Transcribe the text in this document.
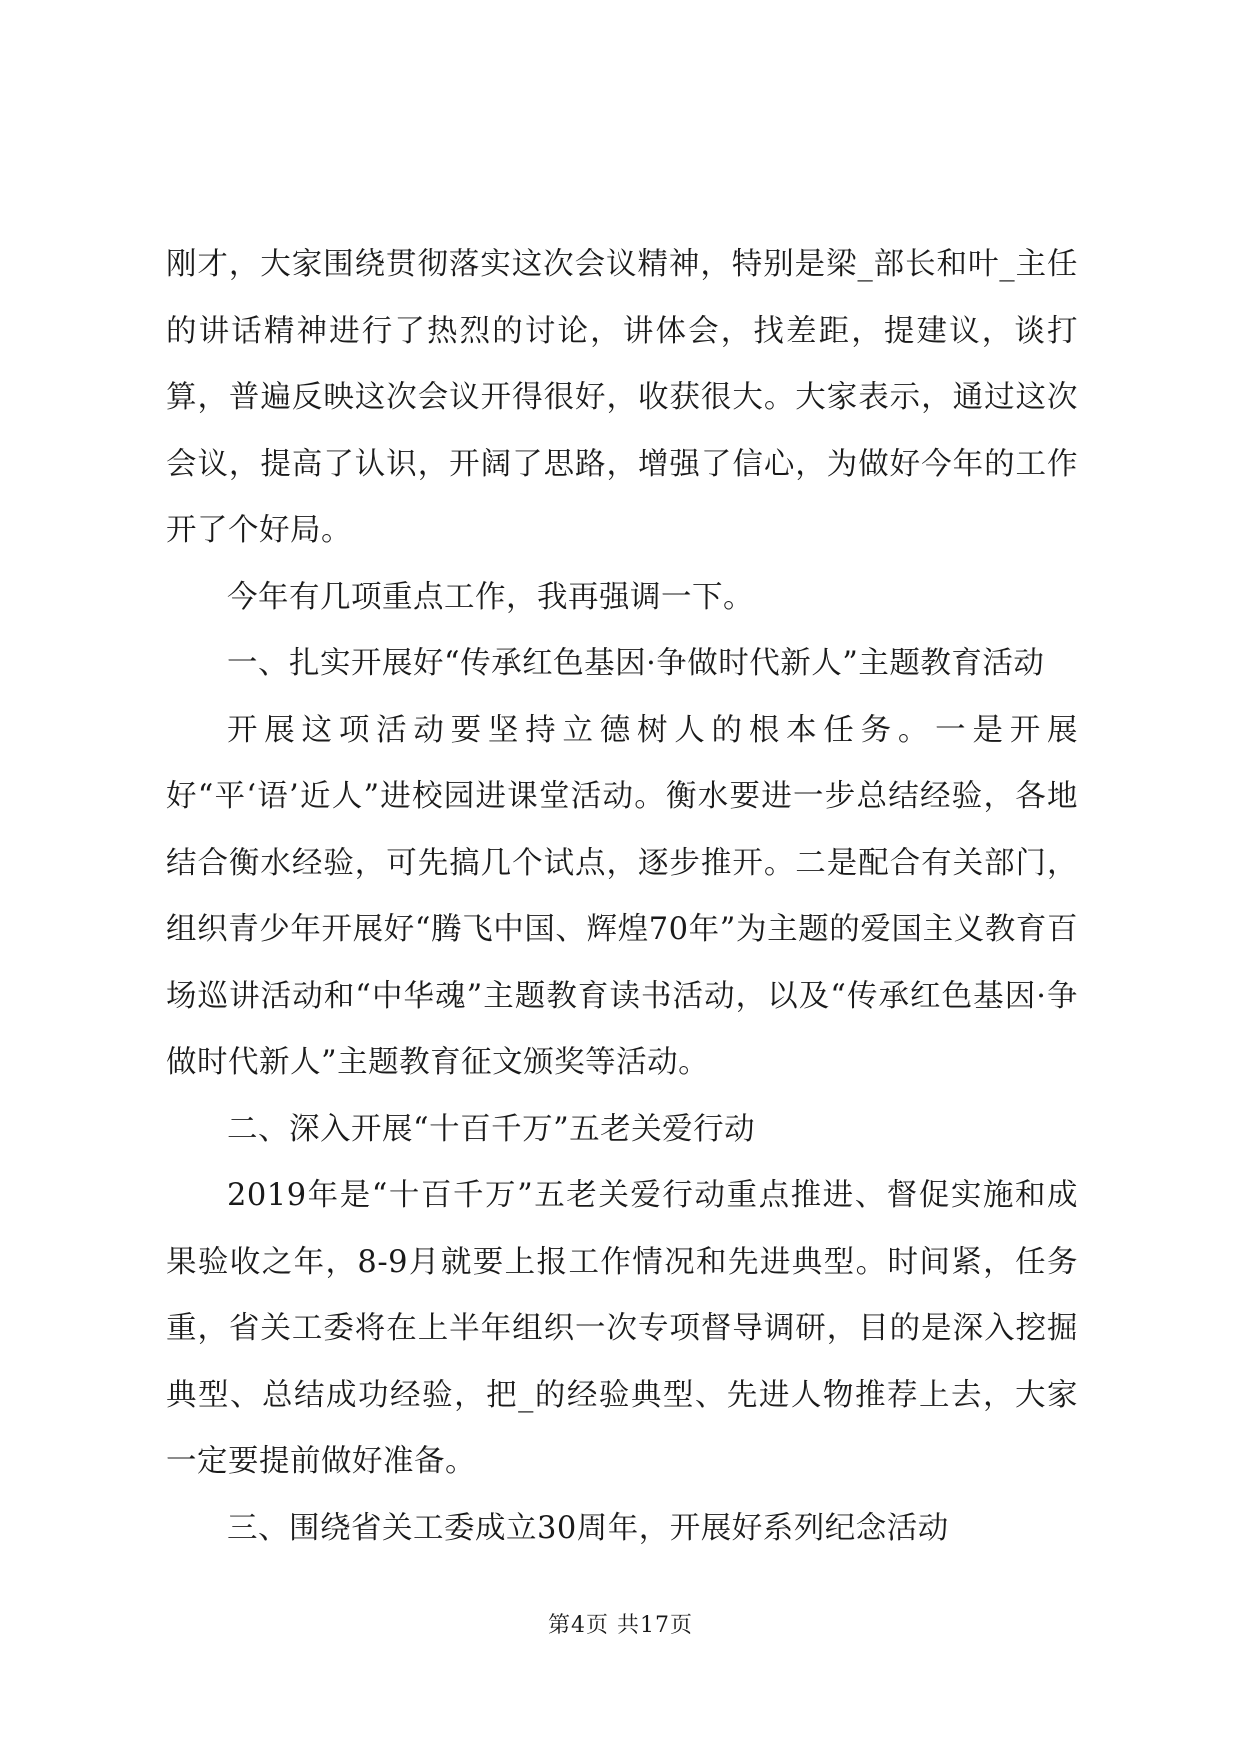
刚才，大家围绕贯彻落实这次会议精神，特别是梁_部长和叶_主任的讲话精神进行了热烈的讨论，讲体会，找差距，提建议，谈打算，普遍反映这次会议开得很好，收获很大。大家表示，通过这次会议，提高了认识，开阔了思路，增强了信心，为做好今年的工作开了个好局。

今年有几项重点工作，我再强调一下。

一、扎实开展好“传承红色基因·争做时代新人”主题教育活动

开展这项活动要坚持立德树人的根本任务。一是开展好“平‘语’近人”进校园进课堂活动。衡水要进一步总结经验，各地结合衡水经验，可先搞几个试点，逐步推开。二是配合有关部门，组织青少年开展好“腾飞中国、辉煌70年”为主题的爱国主义教育百场巡讲活动和“中华魂”主题教育读书活动，以及“传承红色基因·争做时代新人”主题教育征文颁奖等活动。

二、深入开展“十百千万”五老关爱行动

2019年是“十百千万”五老关爱行动重点推进、督促实施和成果验收之年，8-9月就要上报工作情况和先进典型。时间紧，任务重，省关工委将在上半年组织一次专项督导调研，目的是深入挖掘典型、总结成功经验，把_的经验典型、先进人物推荐上去，大家一定要提前做好准备。

三、围绕省关工委成立30周年，开展好系列纪念活动

第4页 共17页
